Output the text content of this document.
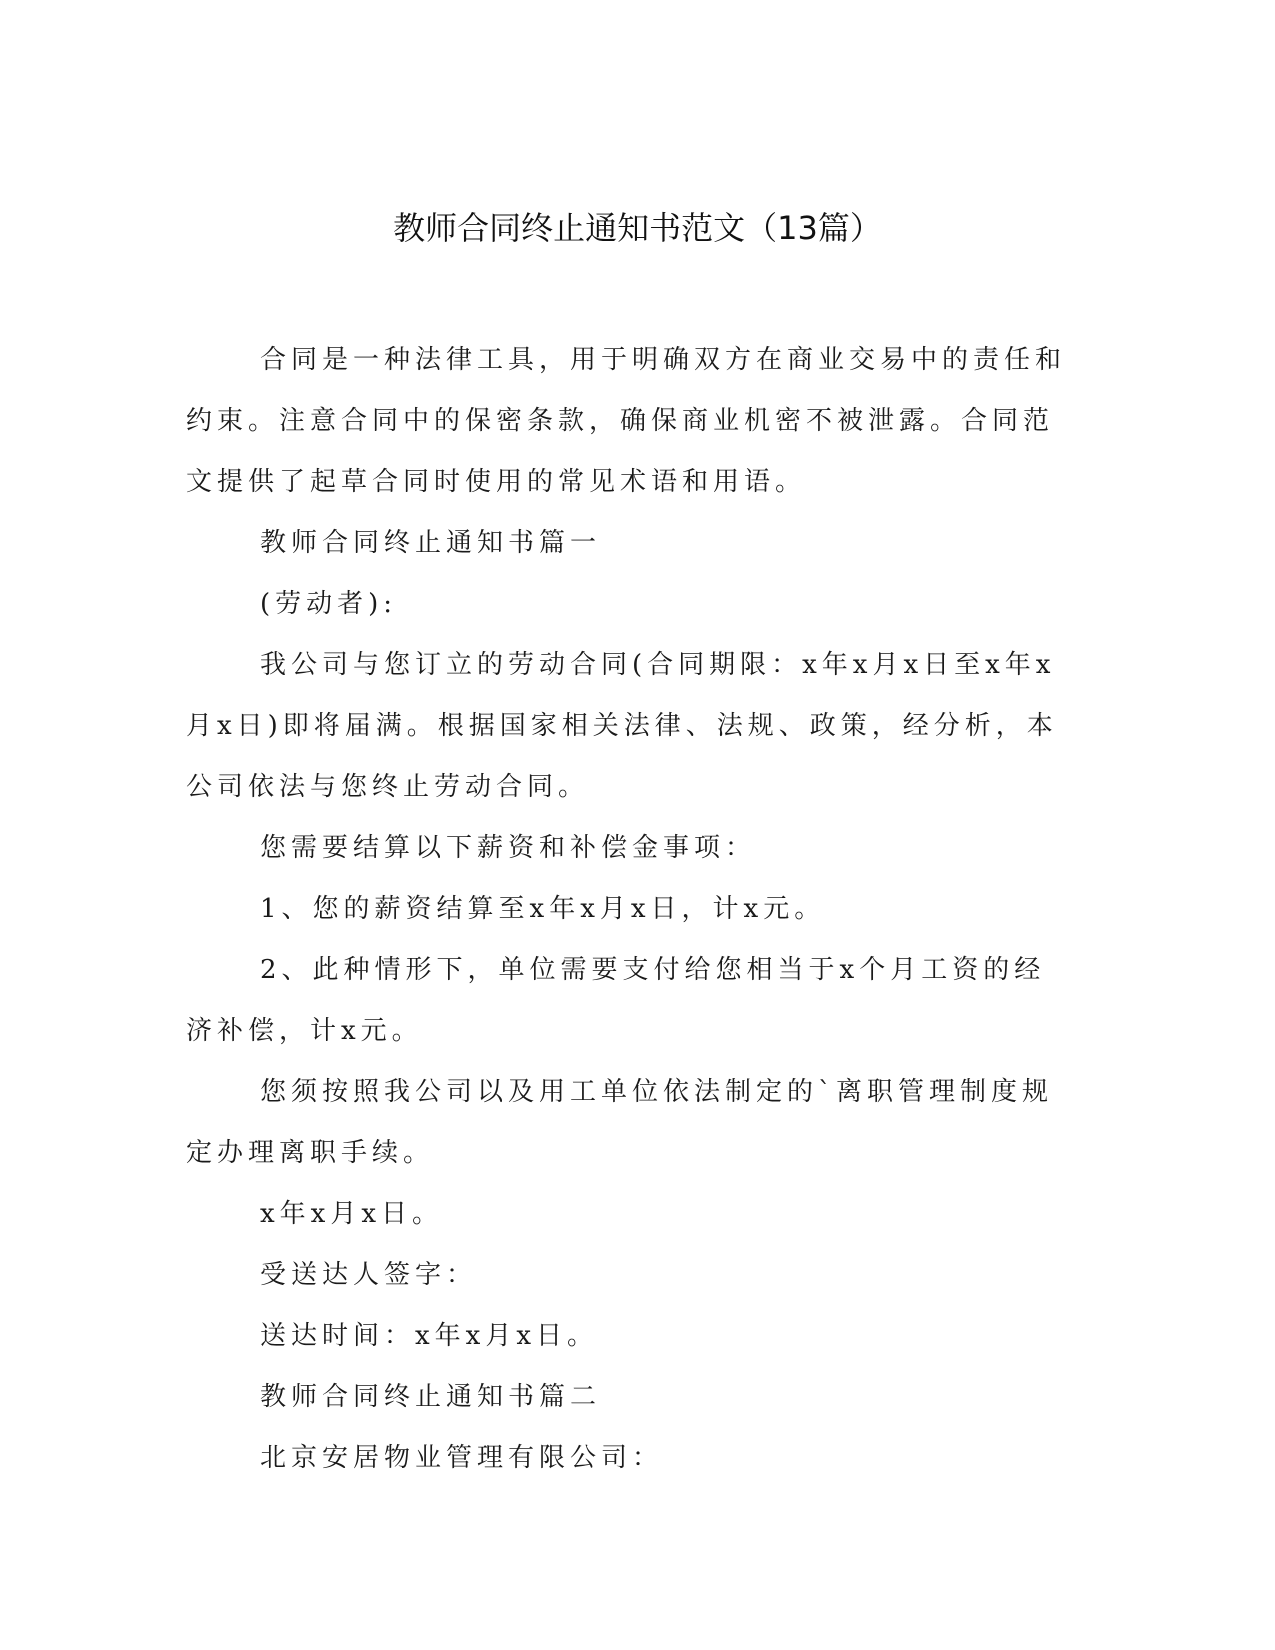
教师合同终止通知书范文（13篇）

合同是一种法律工具，用于明确双方在商业交易中的责任和约束。注意合同中的保密条款，确保商业机密不被泄露。合同范文提供了起草合同时使用的常见术语和用语。

教师合同终止通知书篇一

(劳动者):

我公司与您订立的劳动合同(合同期限：x年x月x日至x年x月x日)即将届满。根据国家相关法律、法规、政策，经分析，本公司依法与您终止劳动合同。

您需要结算以下薪资和补偿金事项：

1、您的薪资结算至x年x月x日，计x元。

2、此种情形下，单位需要支付给您相当于x个月工资的经济补偿，计x元。

您须按照我公司以及用工单位依法制定的`离职管理制度规定办理离职手续。

x年x月x日。

受送达人签字：

送达时间：x年x月x日。

教师合同终止通知书篇二

北京安居物业管理有限公司：
